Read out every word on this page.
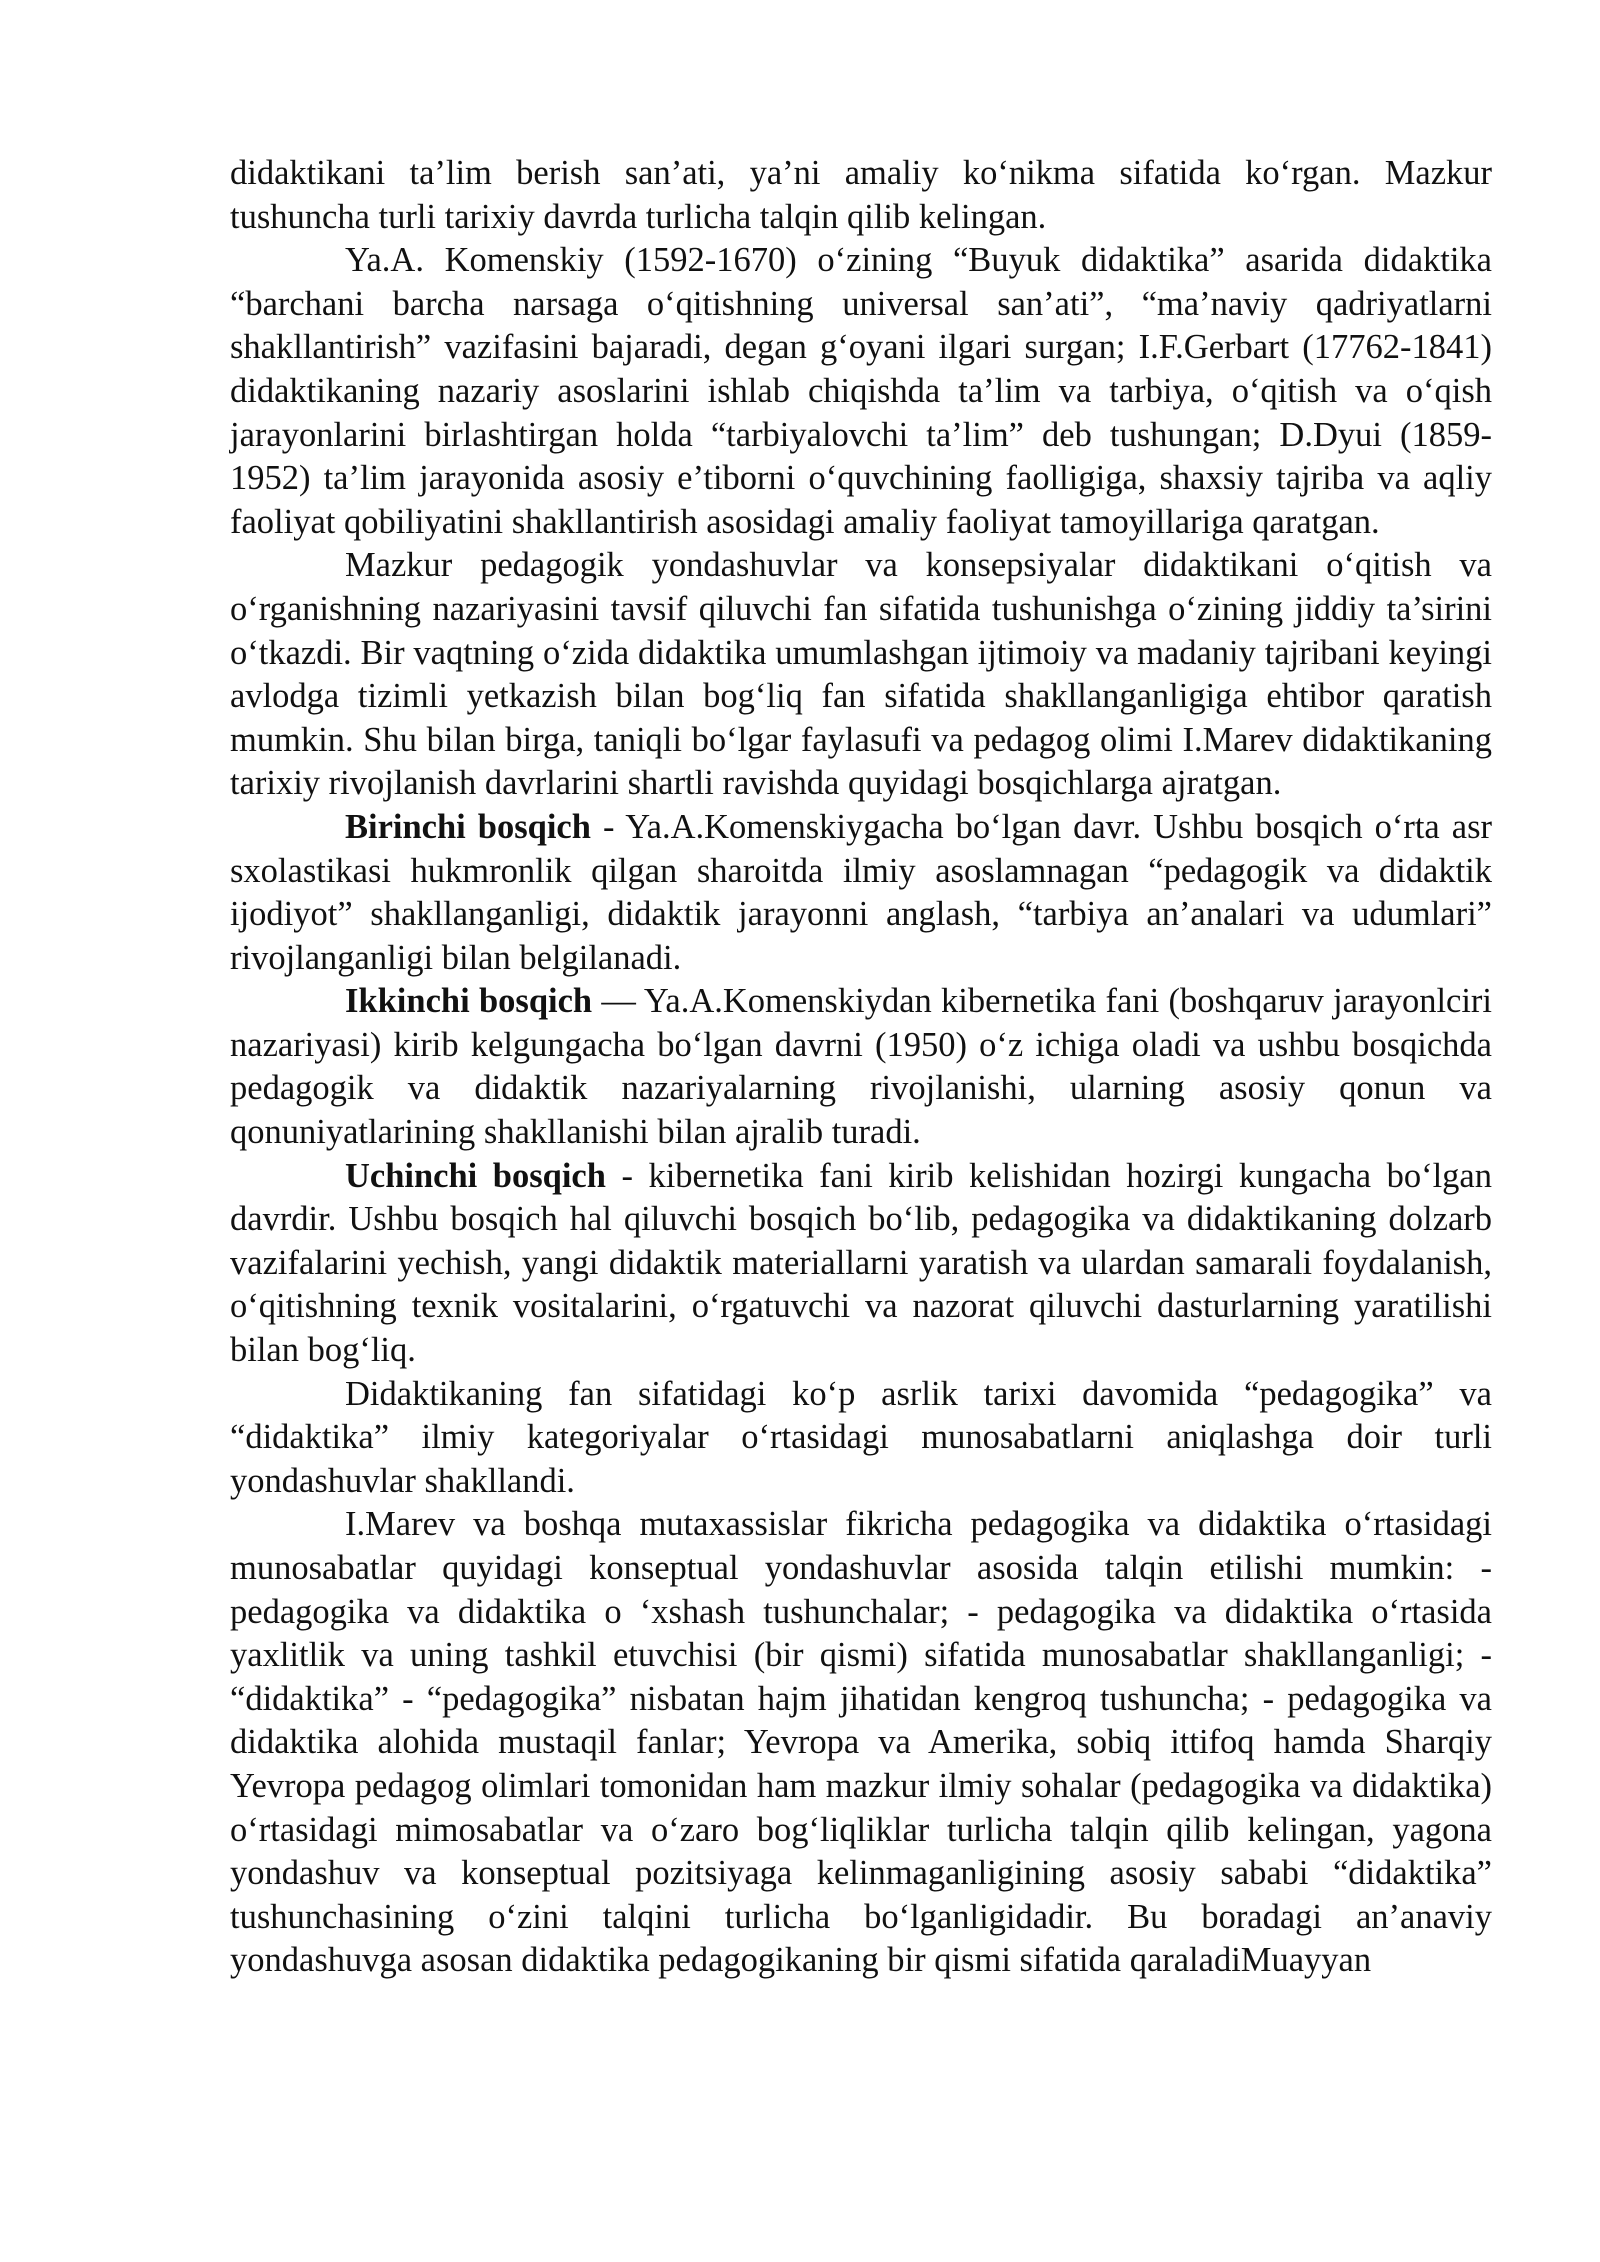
didaktikani ta’lim berish san’ati, ya’ni amaliy ko‘nikma sifatida ko‘rgan. Mazkur tushuncha turli tarixiy davrda turlicha talqin qilib kelingan.

Ya.A. Komenskiy (1592-1670) o‘zining “Buyuk didaktika” asarida didaktika “barchani barcha narsaga o‘qitishning universal san’ati”, “ma’naviy qadriyatlarni shakllantirish” vazifasini bajaradi, degan g‘oyani ilgari surgan; I.F.Gerbart (17762-1841) didaktikaning nazariy asoslarini ishlab chiqishda ta’lim va tarbiya, o‘qitish va o‘qish jarayonlarini birlashtirgan holda “tarbiyalovchi ta’lim” deb tushungan; D.Dyui (1859-1952) ta’lim jarayonida asosiy e’tiborni o‘quvchining faolligiga, shaxsiy tajriba va aqliy faoliyat qobiliyatini shakllantirish asosidagi amaliy faoliyat tamoyillariga qaratgan.

Mazkur pedagogik yondashuvlar va konsepsiyalar didaktikani o‘qitish va o‘rganishning nazariyasini tavsif qiluvchi fan sifatida tushunishga o‘zining jiddiy ta’sirini o‘tkazdi. Bir vaqtning o‘zida didaktika umumlashgan ijtimoiy va madaniy tajribani keyingi avlodga tizimli yetkazish bilan bog‘liq fan sifatida shakllanganligiga ehtibor qaratish mumkin. Shu bilan birga, taniqli bo‘lgar faylasufi va pedagog olimi I.Marev didaktikaning tarixiy rivojlanish davrlarini shartli ravishda quyidagi bosqichlarga ajratgan.

Birinchi bosqich - Ya.A.Komenskiygacha bo‘lgan davr. Ushbu bosqich o‘rta asr sxolastikasi hukmronlik qilgan sharoitda ilmiy asoslamnagan “pedagogik va didaktik ijodiyot” shakllanganligi, didaktik jarayonni anglash, “tarbiya an’analari va udumlari” rivojlanganligi bilan belgilanadi.

Ikkinchi bosqich — Ya.A.Komenskiydan kibernetika fani (boshqaruv jarayonlciri nazariyasi) kirib kelgungacha bo‘lgan davrni (1950) o‘z ichiga oladi va ushbu bosqichda pedagogik va didaktik nazariyalarning rivojlanishi, ularning asosiy qonun va qonuniyatlarining shakllanishi bilan ajralib turadi.

Uchinchi bosqich - kibernetika fani kirib kelishidan hozirgi kungacha bo‘lgan davrdir. Ushbu bosqich hal qiluvchi bosqich bo‘lib, pedagogika va didaktikaning dolzarb vazifalarini yechish, yangi didaktik materiallarni yaratish va ulardan samarali foydalanish, o‘qitishning texnik vositalarini, o‘rgatuvchi va nazorat qiluvchi dasturlarning yaratilishi bilan bog‘liq.

Didaktikaning fan sifatidagi ko‘p asrlik tarixi davomida “pedagogika” va “didaktika” ilmiy kategoriyalar o‘rtasidagi munosabatlarni aniqlashga doir turli yondashuvlar shakllandi.

I.Marev va boshqa mutaxassislar fikricha pedagogika va didaktika o‘rtasidagi munosabatlar quyidagi konseptual yondashuvlar asosida talqin etilishi mumkin: - pedagogika va didaktika o ‘xshash tushunchalar; - pedagogika va didaktika o‘rtasida yaxlitlik va uning tashkil etuvchisi (bir qismi) sifatida munosabatlar shakllanganligi; - “didaktika” - “pedagogika” nisbatan hajm jihatidan kengroq tushuncha; - pedagogika va didaktika alohida mustaqil fanlar; Yevropa va Amerika, sobiq ittifoq hamda Sharqiy Yevropa pedagog olimlari tomonidan ham mazkur ilmiy sohalar (pedagogika va didaktika) o‘rtasidagi mimosabatlar va o‘zaro bog‘liqliklar turlicha talqin qilib kelingan, yagona yondashuv va konseptual pozitsiyaga kelinmaganligining asosiy sababi “didaktika” tushunchasining o‘zini talqini turlicha bo‘lganligidadir. Bu boradagi an’anaviy yondashuvga asosan didaktika pedagogikaning bir qismi sifatida qaraladiMuayyan
